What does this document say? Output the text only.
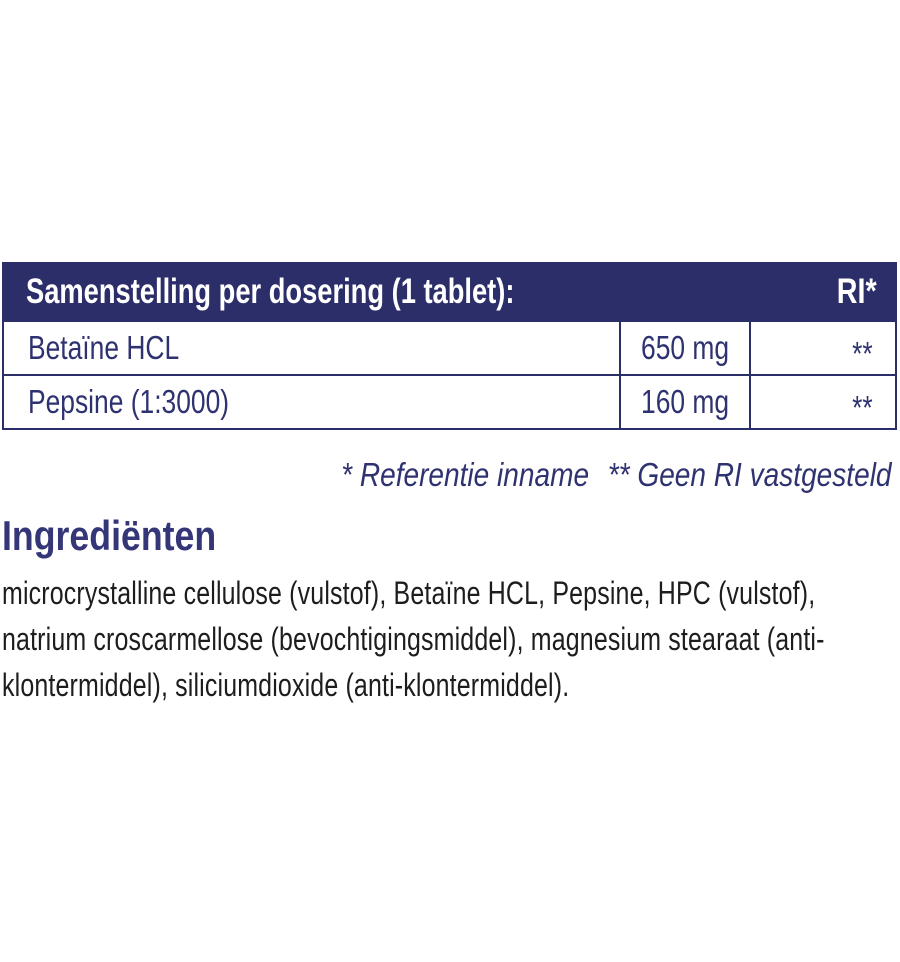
Samenstelling per dosering (1 tablet):	RI*
Betaïne HCL	650 mg	**
Pepsine (1:3000)	160 mg	**
* Referentie inname ** Geen RI vastgesteld
Ingrediënten
microcrystalline cellulose (vulstof), Betaïne HCL, Pepsine, HPC (vulstof), natrium croscarmellose (bevochtigingsmiddel), magnesium stearaat (anti-klontermiddel), siliciumdioxide (anti-klontermiddel).
